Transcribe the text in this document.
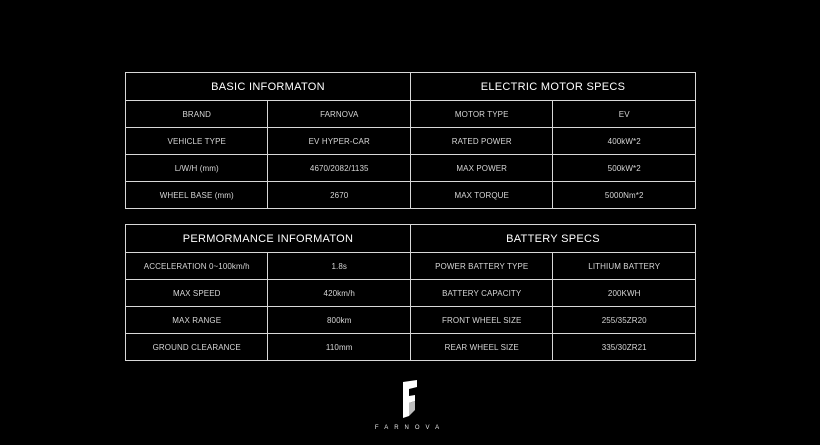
BASIC INFORMATON		ELECTRIC MOTOR SPECS	
BRAND	FARNOVA	MOTOR TYPE	EV
VEHICLE TYPE	EV HYPER-CAR	RATED POWER	400kW*2
L/W/H (mm)	4670/2082/1135	MAX POWER	500kW*2
WHEEL BASE (mm)	2670	MAX TORQUE	5000Nm*2
PERMORMANCE INFORMATON		BATTERY SPECS	
ACCELERATION 0~100km/h	1.8s	POWER BATTERY TYPE	LITHIUM BATTERY
MAX SPEED	420km/h	BATTERY CAPACITY	200KWH
MAX RANGE	800km	FRONT WHEEL SIZE	255/35ZR20
GROUND CLEARANCE	110mm	REAR WHEEL SIZE	335/30ZR21
FARNOVA
